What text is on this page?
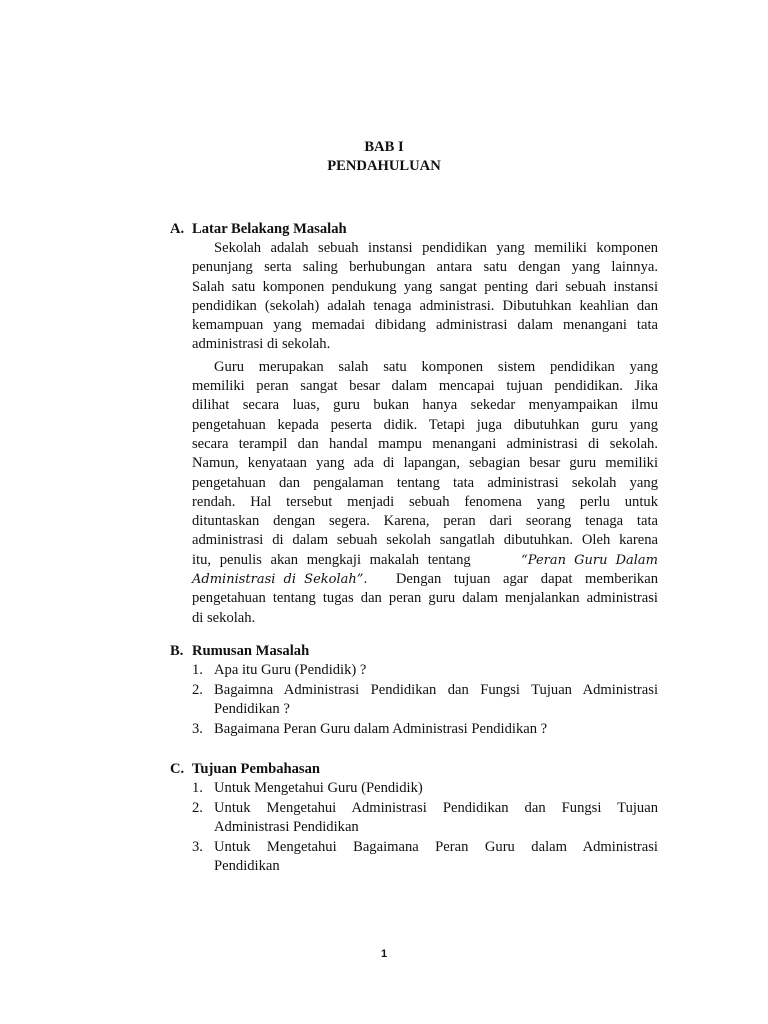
BAB I
PENDAHULUAN
A. Latar Belakang Masalah
Sekolah adalah sebuah instansi pendidikan yang memiliki komponen
penunjang serta saling berhubungan antara satu dengan yang lainnya.
Salah satu komponen pendukung yang sangat penting dari sebuah instansi
pendidikan (sekolah) adalah tenaga administrasi. Dibutuhkan keahlian dan
kemampuan yang memadai dibidang administrasi dalam menangani tata
administrasi di sekolah.
Guru merupakan salah satu komponen sistem pendidikan yang
memiliki peran sangat besar dalam mencapai tujuan pendidikan. Jika
dilihat secara luas, guru bukan hanya sekedar menyampaikan ilmu
pengetahuan kepada peserta didik. Tetapi juga dibutuhkan guru yang
secara terampil dan handal mampu menangani administrasi di sekolah.
Namun, kenyataan yang ada di lapangan, sebagian besar guru memiliki
pengetahuan dan pengalaman tentang tata administrasi sekolah yang
rendah. Hal tersebut menjadi sebuah fenomena yang perlu untuk
dituntaskan dengan segera. Karena, peran dari seorang tenaga tata
administrasi di dalam sebuah sekolah sangatlah dibutuhkan. Oleh karena
itu, penulis akan mengkaji makalah tentang	“Peran Guru Dalam
Administrasi di Sekolah”. Dengan tujuan agar dapat memberikan
pengetahuan tentang tugas dan peran guru dalam menjalankan administrasi
di sekolah.
B. Rumusan Masalah
1. Apa itu Guru (Pendidik) ?
2. Bagaimna Administrasi Pendidikan dan Fungsi Tujuan Administrasi
Pendidikan ?
3. Bagaimana Peran Guru dalam Administrasi Pendidikan ?
C. Tujuan Pembahasan
1. Untuk Mengetahui Guru (Pendidik)
2. Untuk Mengetahui Administrasi Pendidikan dan Fungsi Tujuan
Administrasi Pendidikan
3. Untuk Mengetahui Bagaimana Peran Guru dalam Administrasi
Pendidikan
1
